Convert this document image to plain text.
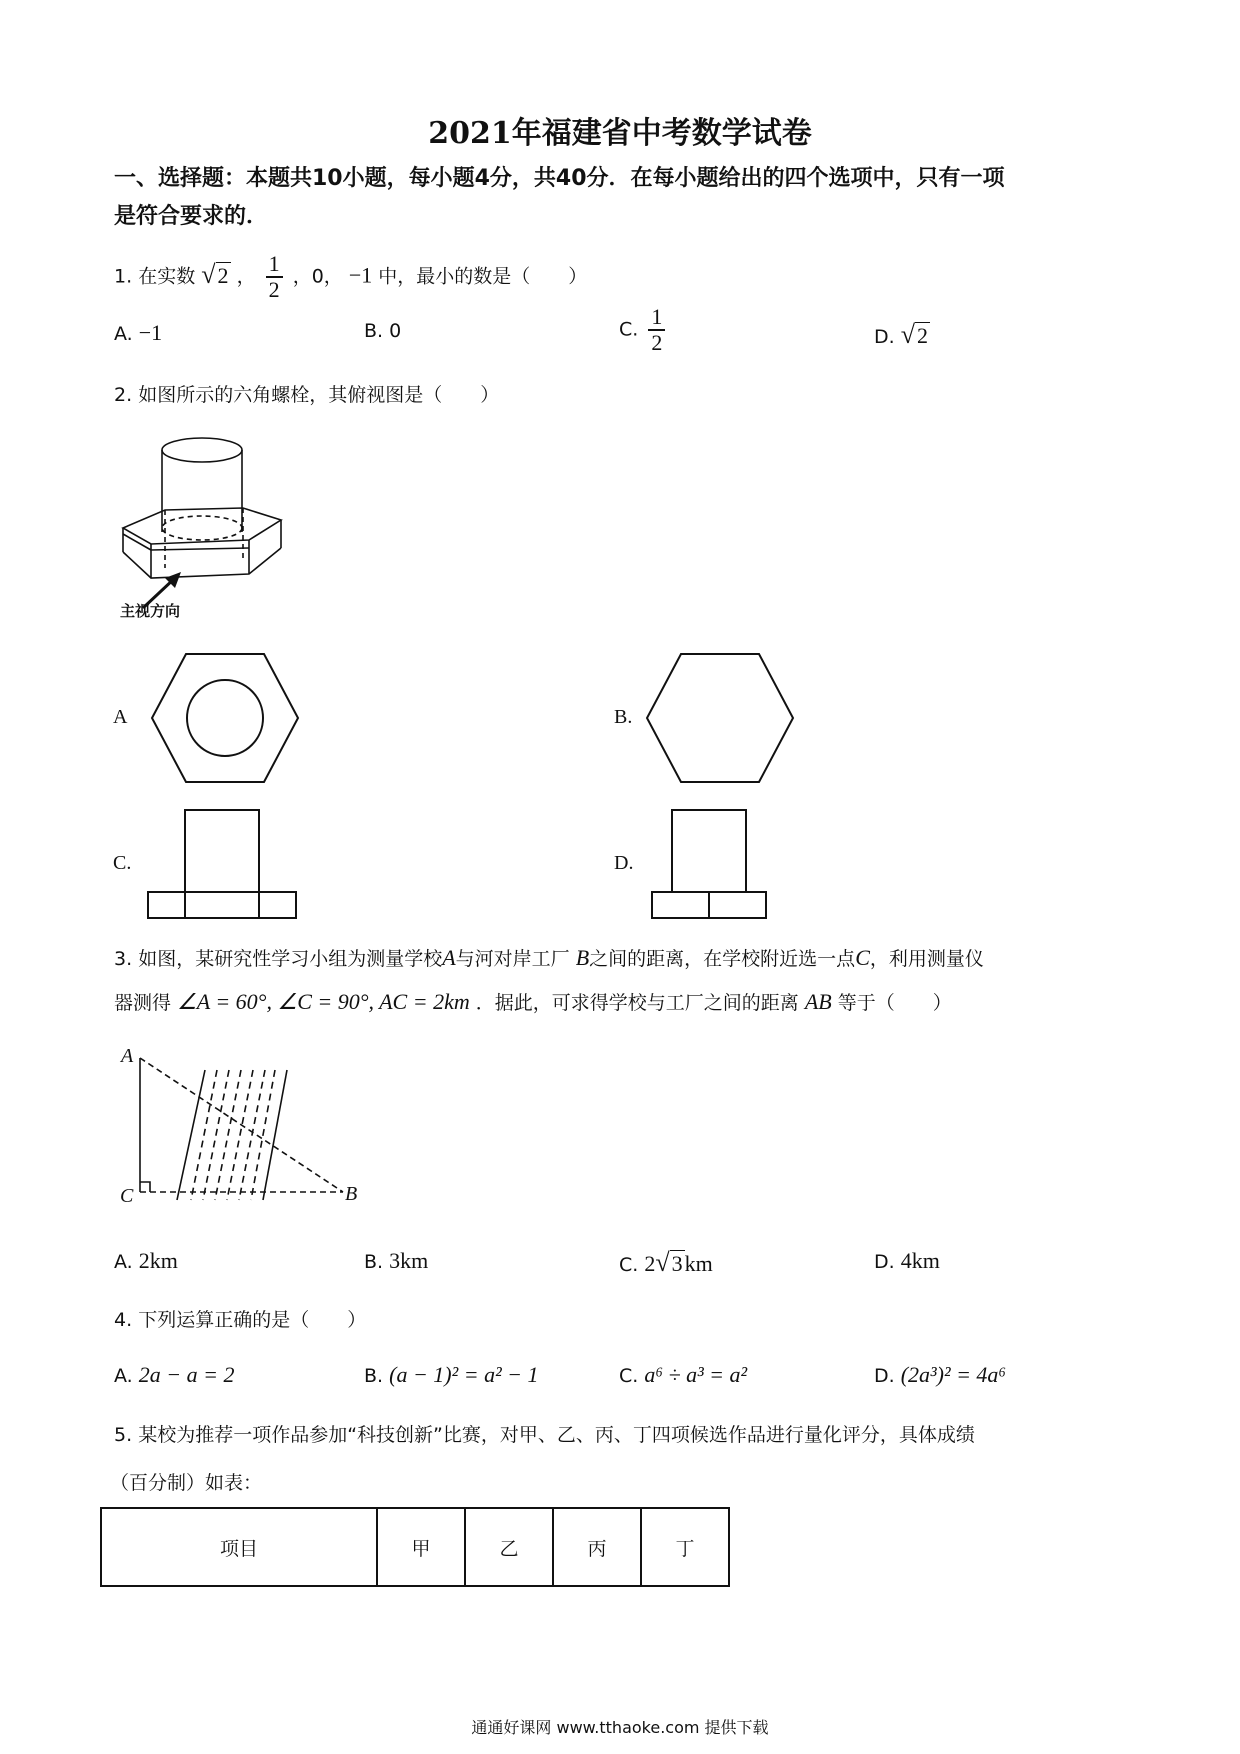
2021年福建省中考数学试卷
一、选择题：本题共10小题，每小题4分，共40分．在每小题给出的四个选项中，只有一项
是符合要求的．
1. 在实数 √2 ， $\frac{1}{2}$ ，0， −1 中，最小的数是（　　）
A. −1	B. 0	C. $\frac{1}{2}$	D. √2
2. 如图所示的六角螺栓，其俯视图是（　　）
主视方向
A	B.
C.	D.
3. 如图，某研究性学习小组为测量学校A与河对岸工厂 B之间的距离，在学校附近选一点C，利用测量仪
器测得 ∠A = 60°, ∠C = 90°, AC = 2km ．据此，可求得学校与工厂之间的距离 AB 等于（　　）
A
C	B
A. 2km	B. 3km	C. 2√3km	D. 4km
4. 下列运算正确的是（　　）
A. 2a − a = 2	B. (a − 1)² = a² − 1	C. a⁶ ÷ a³ = a²	D. (2a³)² = 4a⁶
5. 某校为推荐一项作品参加“科技创新”比赛，对甲、乙、丙、丁四项候选作品进行量化评分，具体成绩
（百分制）如表：
项目	甲	乙	丙	丁
通通好课网 www.tthaoke.com 提供下载
